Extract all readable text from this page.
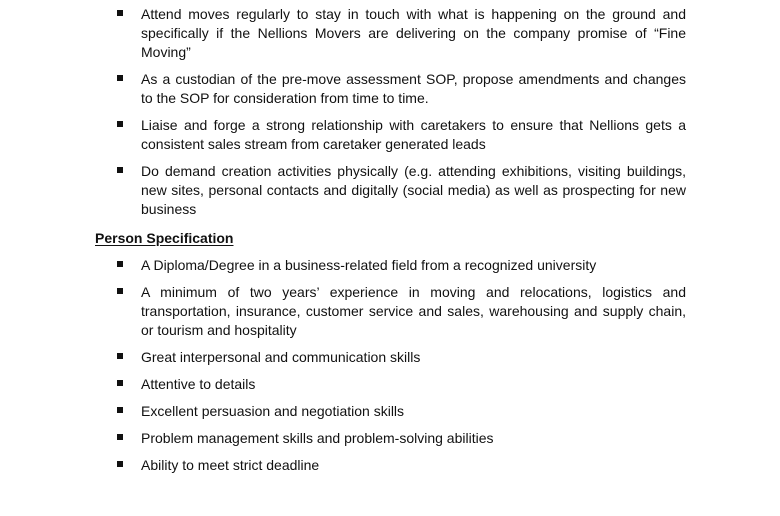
Attend moves regularly to stay in touch with what is happening on the ground and specifically if the Nellions Movers are delivering on the company promise of “Fine Moving”
As a custodian of the pre-move assessment SOP, propose amendments and changes to the SOP for consideration from time to time.
Liaise and forge a strong relationship with caretakers to ensure that Nellions gets a consistent sales stream from caretaker generated leads
Do demand creation activities physically (e.g. attending exhibitions, visiting buildings, new sites, personal contacts and digitally (social media) as well as prospecting for new business
Person Specification
A Diploma/Degree in a business-related field from a recognized university
A minimum of two years’ experience in moving and relocations, logistics and transportation, insurance, customer service and sales, warehousing and supply chain, or tourism and hospitality
Great interpersonal and communication skills
Attentive to details
Excellent persuasion and negotiation skills
Problem management skills and problem-solving abilities
Ability to meet strict deadline
